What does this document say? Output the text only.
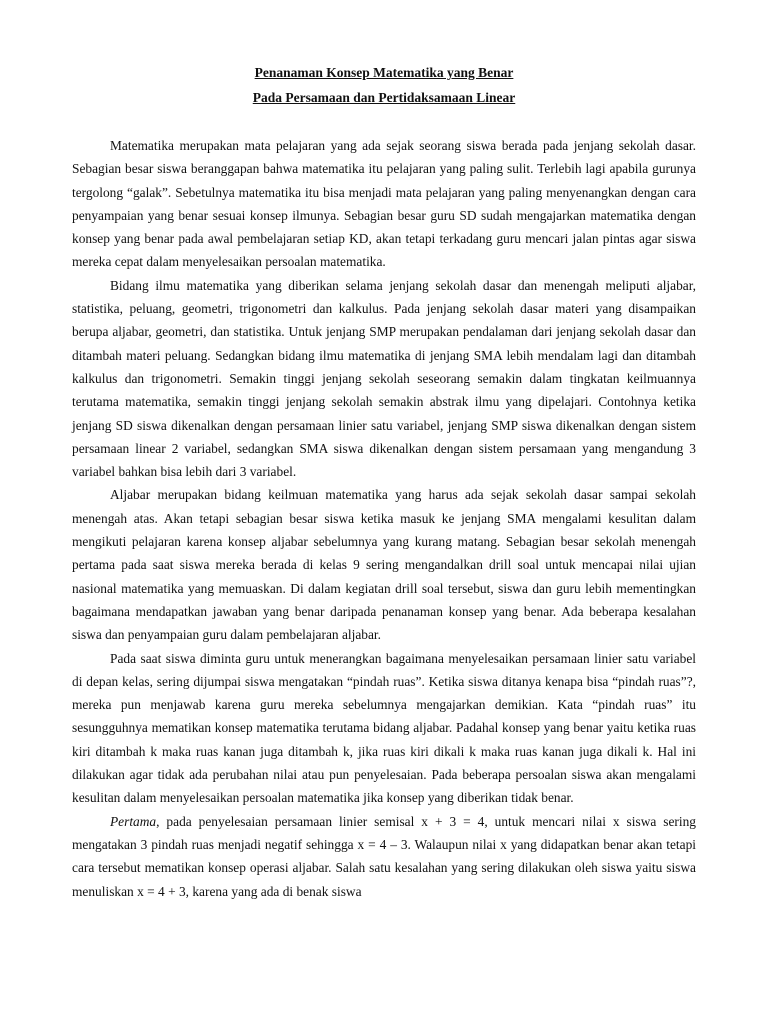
Penanaman Konsep Matematika yang Benar

Pada Persamaan dan Pertidaksamaan Linear

Matematika merupakan mata pelajaran yang ada sejak seorang siswa berada pada jenjang sekolah dasar. Sebagian besar siswa beranggapan bahwa matematika itu pelajaran yang paling sulit. Terlebih lagi apabila gurunya tergolong “galak”. Sebetulnya matematika itu bisa menjadi mata pelajaran yang paling menyenangkan dengan cara penyampaian yang benar sesuai konsep ilmunya. Sebagian besar guru SD sudah mengajarkan matematika dengan konsep yang benar pada awal pembelajaran setiap KD, akan tetapi terkadang guru mencari jalan pintas agar siswa mereka cepat dalam menyelesaikan persoalan matematika.

Bidang ilmu matematika yang diberikan selama jenjang sekolah dasar dan menengah meliputi aljabar, statistika, peluang, geometri, trigonometri dan kalkulus. Pada jenjang sekolah dasar materi yang disampaikan berupa aljabar, geometri, dan statistika. Untuk jenjang SMP merupakan pendalaman dari jenjang sekolah dasar dan ditambah materi peluang. Sedangkan bidang ilmu matematika di jenjang SMA lebih mendalam lagi dan ditambah kalkulus dan trigonometri. Semakin tinggi jenjang sekolah seseorang semakin dalam tingkatan keilmuannya terutama matematika, semakin tinggi jenjang sekolah semakin abstrak ilmu yang dipelajari. Contohnya ketika jenjang SD siswa dikenalkan dengan persamaan linier satu variabel, jenjang SMP siswa dikenalkan dengan sistem persamaan linear 2 variabel, sedangkan SMA siswa dikenalkan dengan sistem persamaan yang mengandung 3 variabel bahkan bisa lebih dari 3 variabel.

Aljabar merupakan bidang keilmuan matematika yang harus ada sejak sekolah dasar sampai sekolah menengah atas. Akan tetapi sebagian besar siswa ketika masuk ke jenjang SMA mengalami kesulitan dalam mengikuti pelajaran karena konsep aljabar sebelumnya yang kurang matang. Sebagian besar sekolah menengah pertama pada saat siswa mereka berada di kelas 9 sering mengandalkan drill soal untuk mencapai nilai ujian nasional matematika yang memuaskan. Di dalam kegiatan drill soal tersebut, siswa dan guru lebih mementingkan bagaimana mendapatkan jawaban yang benar daripada penanaman konsep yang benar. Ada beberapa kesalahan siswa dan penyampaian guru dalam pembelajaran aljabar.

Pada saat siswa diminta guru untuk menerangkan bagaimana menyelesaikan persamaan linier satu variabel di depan kelas, sering dijumpai siswa mengatakan “pindah ruas”. Ketika siswa ditanya kenapa bisa “pindah ruas”?, mereka pun menjawab karena guru mereka sebelumnya mengajarkan demikian. Kata “pindah ruas” itu sesungguhnya mematikan konsep matematika terutama bidang aljabar. Padahal konsep yang benar yaitu ketika ruas kiri ditambah k maka ruas kanan juga ditambah k, jika ruas kiri dikali k maka ruas kanan juga dikali k. Hal ini dilakukan agar tidak ada perubahan nilai atau pun penyelesaian. Pada beberapa persoalan siswa akan mengalami kesulitan dalam menyelesaikan persoalan matematika jika konsep yang diberikan tidak benar.

Pertama, pada penyelesaian persamaan linier semisal x + 3 = 4, untuk mencari nilai x siswa sering mengatakan 3 pindah ruas menjadi negatif sehingga x = 4 – 3. Walaupun nilai x yang didapatkan benar akan tetapi cara tersebut mematikan konsep operasi aljabar. Salah satu kesalahan yang sering dilakukan oleh siswa yaitu siswa menuliskan x = 4 + 3, karena yang ada di benak siswa
